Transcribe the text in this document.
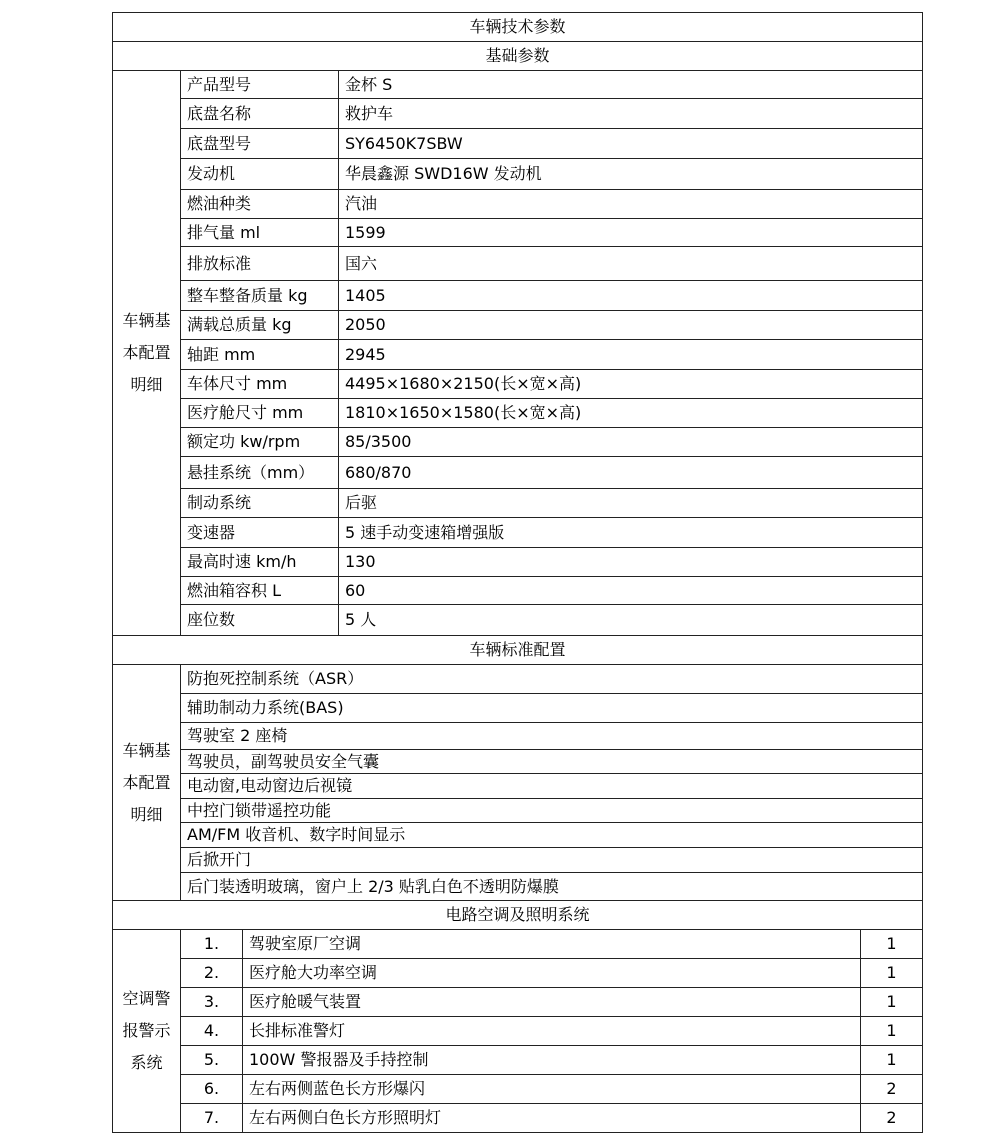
车辆技术参数				
基础参数				
车辆基本配置明细	产品型号		金杯 S	
	底盘名称		救护车	
	底盘型号		SY6450K7SBW	
	发动机		华晨鑫源 SWD16W 发动机	
	燃油种类		汽油	
	排气量 ml		1599	
	排放标准		国六	
	整车整备质量 kg		1405	
	满载总质量 kg		2050	
	轴距 mm		2945	
	车体尺寸 mm		4495×1680×2150(长×宽×高)	
	医疗舱尺寸 mm		1810×1650×1580(长×宽×高)	
	额定功 kw/rpm		85/3500	
	悬挂系统（mm）		680/870	
	制动系统		后驱	
	变速器		5 速手动变速箱增强版	
	最高时速 km/h		130	
	燃油箱容积 L		60	
	座位数		5 人	
车辆标准配置				
车辆基本配置明细	防抱死控制系统（ASR）			
	辅助制动力系统(BAS)			
	驾驶室 2 座椅			
	驾驶员，副驾驶员安全气囊			
	电动窗,电动窗边后视镜			
	中控门锁带遥控功能			
	AM/FM 收音机、数字时间显示			
	后掀开门			
	后门装透明玻璃，窗户上 2/3 贴乳白色不透明防爆膜			
电路空调及照明系统				
空调警报警示系统	1.	驾驶室原厂空调		1
	2.	医疗舱大功率空调		1
	3.	医疗舱暖气装置		1
	4.	长排标准警灯		1
	5.	100W 警报器及手持控制		1
	6.	左右两侧蓝色长方形爆闪		2
	7.	左右两侧白色长方形照明灯		2
